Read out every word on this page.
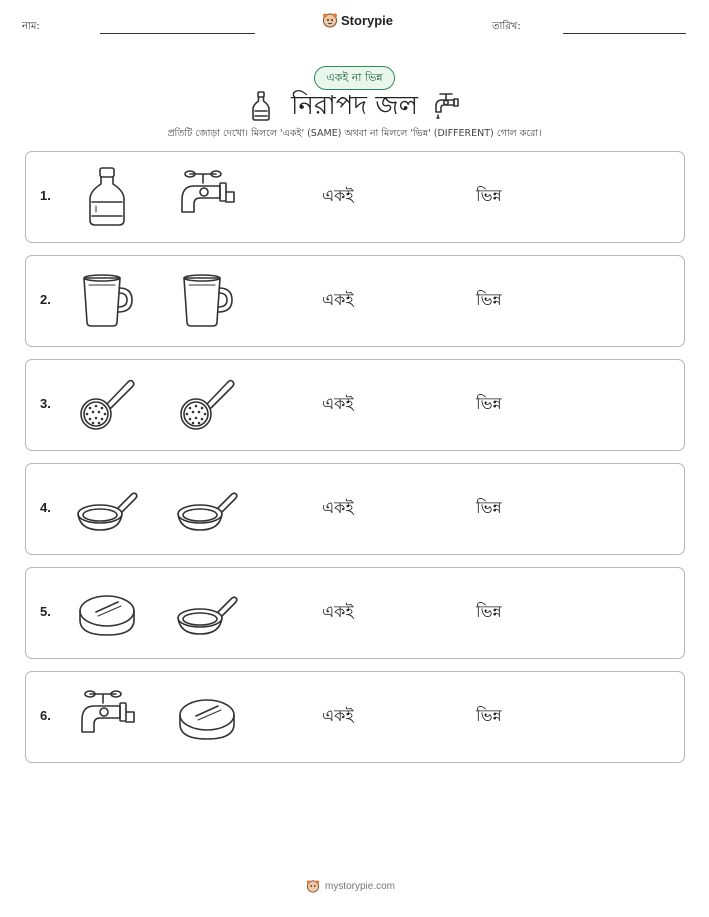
নাম:	Storypie	তারিখ:
একই না ভিন্ন
নিরাপদ জল
প্রতিটি জোড়া দেখো। মিললে 'একই' (SAME) অথবা না মিললে 'ভিন্ন' (DIFFERENT) গোল করো।
1.	একই	ভিন্ন
2.	একই	ভিন্ন
3.	একই	ভিন্ন
4.	একই	ভিন্ন
5.	একই	ভিন্ন
6.	একই	ভিন্ন
mystorypie.com
